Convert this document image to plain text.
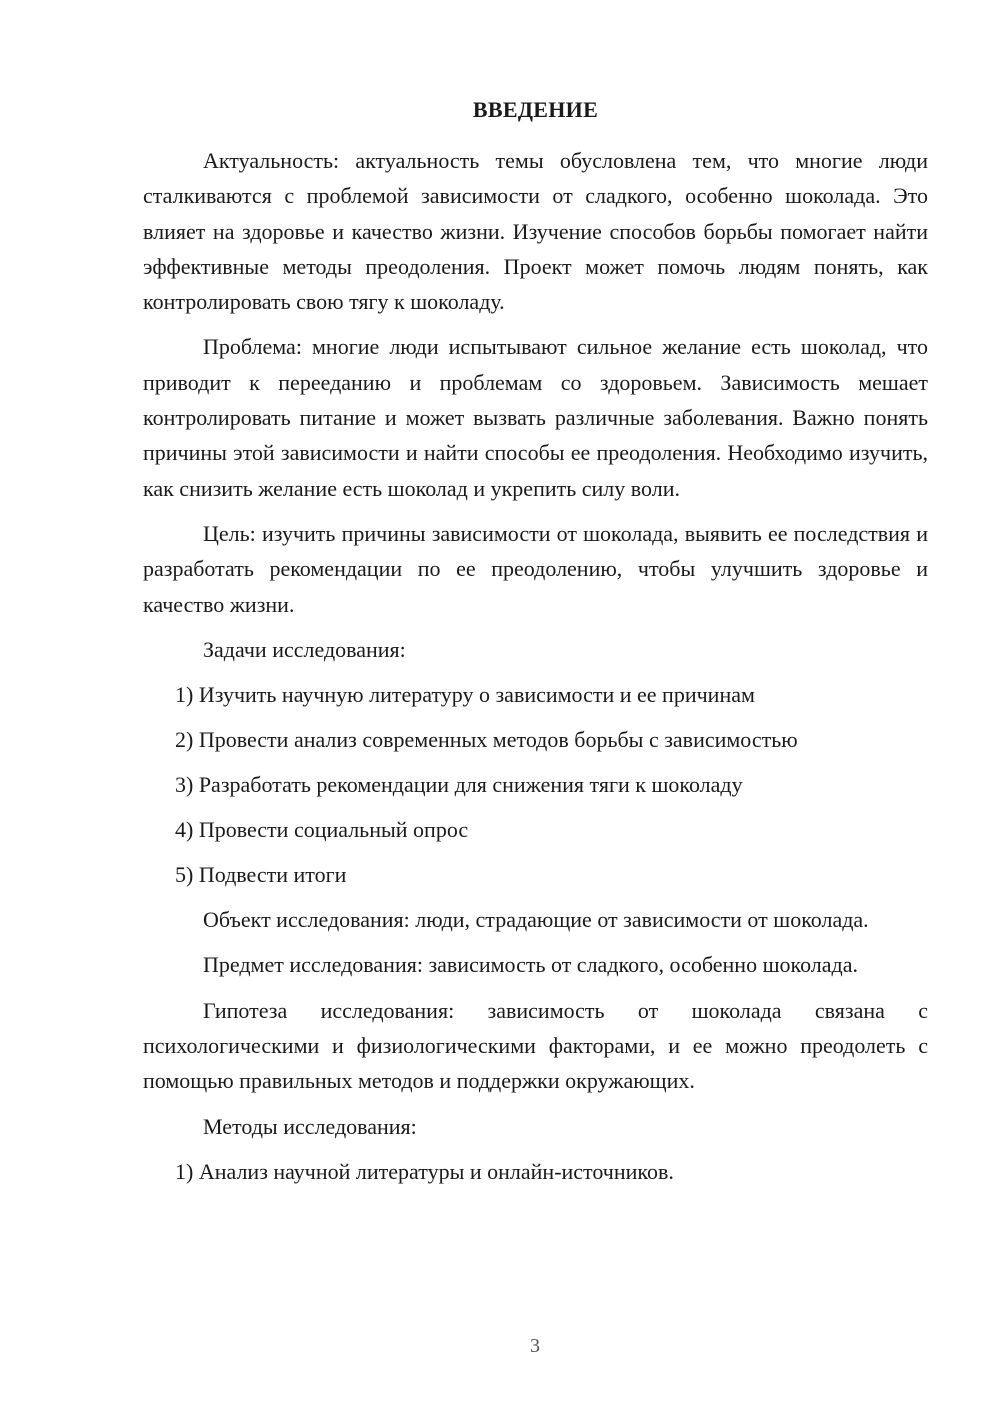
ВВЕДЕНИЕ

Актуальность: актуальность темы обусловлена тем, что многие люди сталкиваются с проблемой зависимости от сладкого, особенно шоколада. Это влияет на здоровье и качество жизни. Изучение способов борьбы помогает найти эффективные методы преодоления. Проект может помочь людям понять, как контролировать свою тягу к шоколаду.

Проблема: многие люди испытывают сильное желание есть шоколад, что приводит к перееданию и проблемам со здоровьем. Зависимость мешает контролировать питание и может вызвать различные заболевания. Важно понять причины этой зависимости и найти способы ее преодоления. Необходимо изучить, как снизить желание есть шоколад и укрепить силу воли.

Цель: изучить причины зависимости от шоколада, выявить ее последствия и разработать рекомендации по ее преодолению, чтобы улучшить здоровье и качество жизни.

Задачи исследования:

1) Изучить научную литературу о зависимости и ее причинам
2) Провести анализ современных методов борьбы с зависимостью
3) Разработать рекомендации для снижения тяги к шоколаду
4) Провести социальный опрос
5) Подвести итоги

Объект исследования: люди, страдающие от зависимости от шоколада.

Предмет исследования: зависимость от сладкого, особенно шоколада.

Гипотеза исследования: зависимость от шоколада связана с психологическими и физиологическими факторами, и ее можно преодолеть с помощью правильных методов и поддержки окружающих.

Методы исследования:

1) Анализ научной литературы и онлайн-источников.
3
